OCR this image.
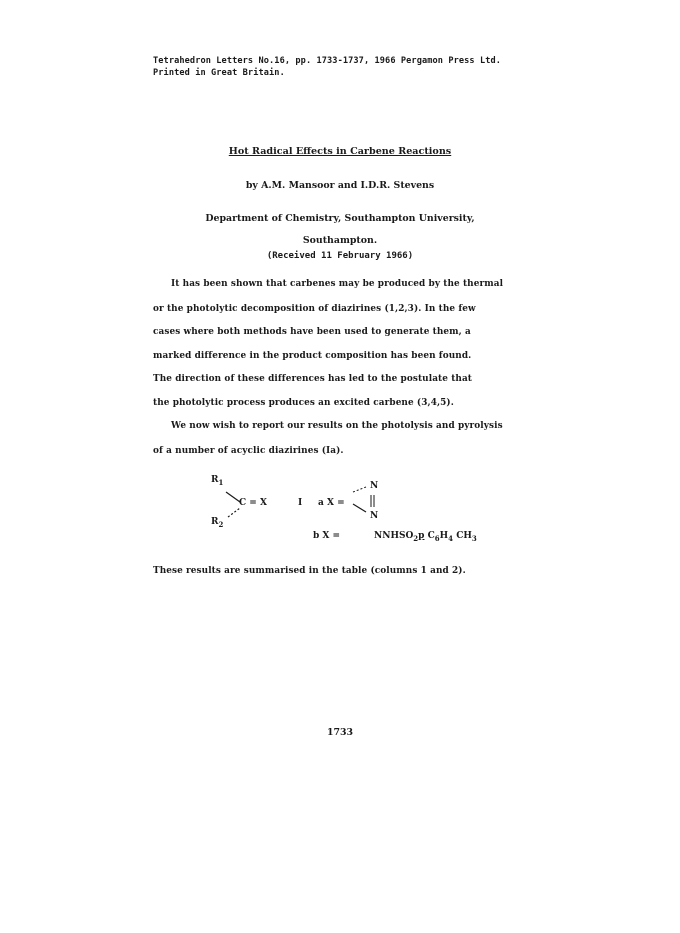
Tetrahedron Letters No.16, pp. 1733-1737, 1966 Pergamon Press Ltd.
Printed in Great Britain.
Hot Radical Effects in Carbene Reactions
by A.M. Mansoor and I.D.R. Stevens
Department of Chemistry, Southampton University,
Southampton.
(Received 11 February 1966)
It has been shown that carbenes may be produced by the thermal
or the photolytic decomposition of diazirines (1,2,3). In the few
cases where both methods have been used to generate them, a
marked difference in the product composition has been found.
The direction of these differences has led to the postulate that
the photolytic process produces an excited carbene (3,4,5).
We now wish to report our results on the photolysis and pyrolysis
of a number of acyclic diazirines (Ia).
$R_1$
$R_2$
C = X	I a X =
N
N
b X =	$NNHSO_2p$ $C_6H_4$ $CH_3$
These results are summarised in the table (columns 1 and 2).
1733
